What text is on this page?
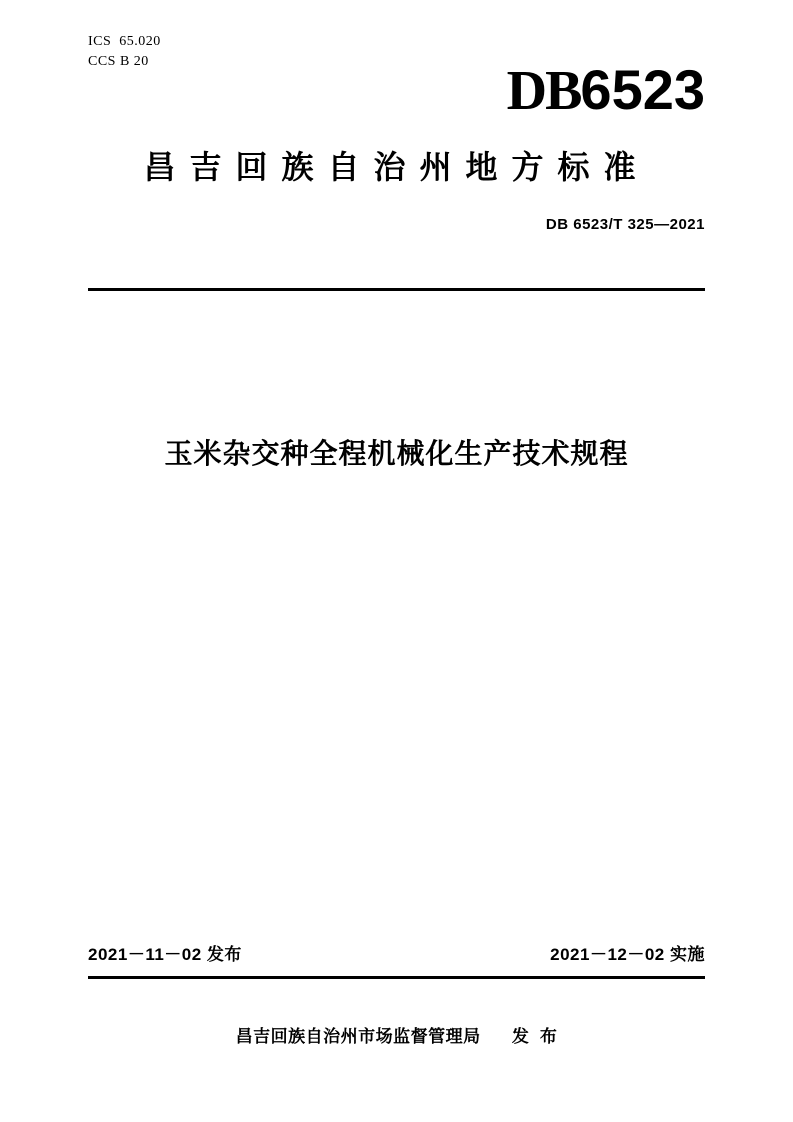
ICS  65.020
CCS B 20	DB6523
昌吉回族自治州地方标准
DB 6523/T 325—2021
玉米杂交种全程机械化生产技术规程
2021－11－02 发布	2021－12－02 实施
昌吉回族自治州市场监督管理局      发  布
